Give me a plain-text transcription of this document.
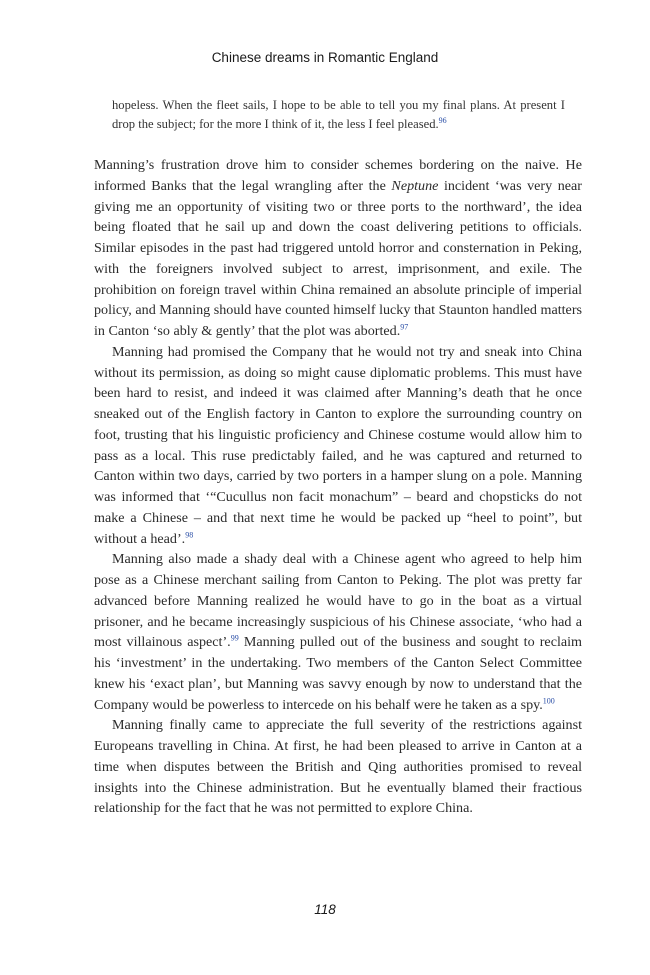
Chinese dreams in Romantic England

hopeless. When the fleet sails, I hope to be able to tell you my final plans. At present I drop the subject; for the more I think of it, the less I feel pleased.$^{96}$

Manning’s frustration drove him to consider schemes bordering on the naive. He informed Banks that the legal wrangling after the Neptune incident ‘was very near giving me an opportunity of visiting two or three ports to the northward’, the idea being floated that he sail up and down the coast delivering petitions to officials. Similar episodes in the past had triggered untold horror and consternation in Peking, with the foreigners involved subject to arrest, imprisonment, and exile. The prohibition on foreign travel within China remained an absolute principle of imperial policy, and Manning should have counted himself lucky that Staunton handled matters in Canton ‘so ably & gently’ that the plot was aborted.$^{97}$

Manning had promised the Company that he would not try and sneak into China without its permission, as doing so might cause diplomatic problems. This must have been hard to resist, and indeed it was claimed after Manning’s death that he once sneaked out of the English factory in Canton to explore the surrounding country on foot, trusting that his linguistic proficiency and Chinese costume would allow him to pass as a local. This ruse predictably failed, and he was captured and returned to Canton within two days, carried by two porters in a hamper slung on a pole. Manning was informed that ‘“Cucullus non facit monachum” – beard and chopsticks do not make a Chinese – and that next time he would be packed up “heel to point”, but without a head’.$^{98}$

Manning also made a shady deal with a Chinese agent who agreed to help him pose as a Chinese merchant sailing from Canton to Peking. The plot was pretty far advanced before Manning realized he would have to go in the boat as a virtual prisoner, and he became increasingly suspicious of his Chinese associate, ‘who had a most villainous aspect’.$^{99}$ Manning pulled out of the business and sought to reclaim his ‘investment’ in the undertaking. Two members of the Canton Select Committee knew his ‘exact plan’, but Manning was savvy enough by now to understand that the Company would be powerless to intercede on his behalf were he taken as a spy.$^{100}$

Manning finally came to appreciate the full severity of the restrictions against Europeans travelling in China. At first, he had been pleased to arrive in Canton at a time when disputes between the British and Qing authorities promised to reveal insights into the Chinese administration. But he eventually blamed their fractious relationship for the fact that he was not permitted to explore China.

118
